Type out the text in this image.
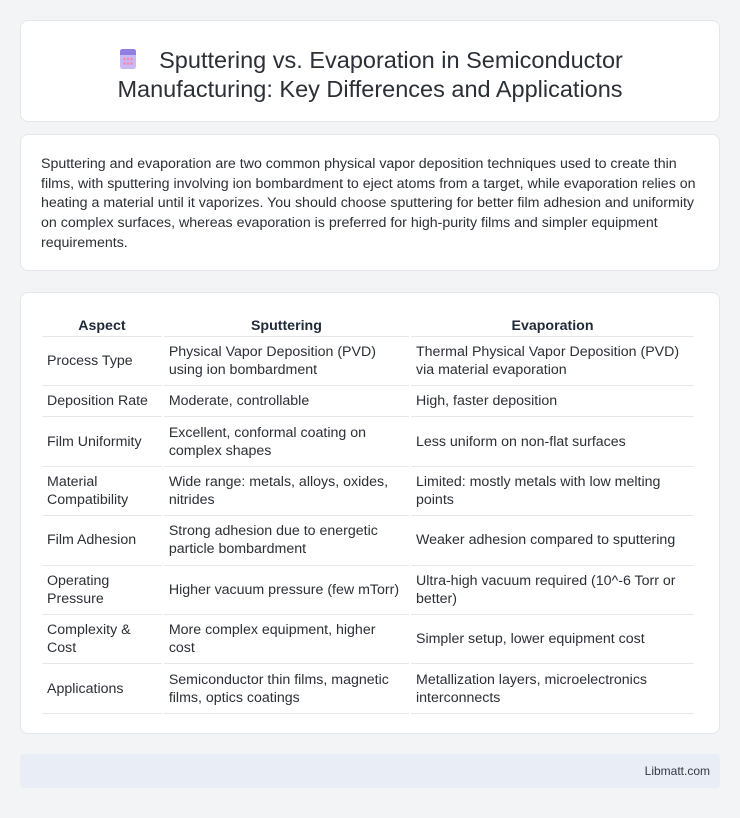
Sputtering vs. Evaporation in Semiconductor
Manufacturing: Key Differences and Applications

Sputtering and evaporation are two common physical vapor deposition techniques used to create thin films, with sputtering involving ion bombardment to eject atoms from a target, while evaporation relies on heating a material until it vaporizes. You should choose sputtering for better film adhesion and uniformity on complex surfaces, whereas evaporation is preferred for high-purity films and simpler equipment requirements.

Aspect	Sputtering	Evaporation
Process Type	Physical Vapor Deposition (PVD) using ion bombardment	Thermal Physical Vapor Deposition (PVD) via material evaporation
Deposition Rate	Moderate, controllable	High, faster deposition
Film Uniformity	Excellent, conformal coating on complex shapes	Less uniform on non-flat surfaces
Material Compatibility	Wide range: metals, alloys, oxides, nitrides	Limited: mostly metals with low melting points
Film Adhesion	Strong adhesion due to energetic particle bombardment	Weaker adhesion compared to sputtering
Operating Pressure	Higher vacuum pressure (few mTorr)	Ultra-high vacuum required (10^-6 Torr or better)
Complexity & Cost	More complex equipment, higher cost	Simpler setup, lower equipment cost
Applications	Semiconductor thin films, magnetic films, optics coatings	Metallization layers, microelectronics interconnects
Libmatt.com
